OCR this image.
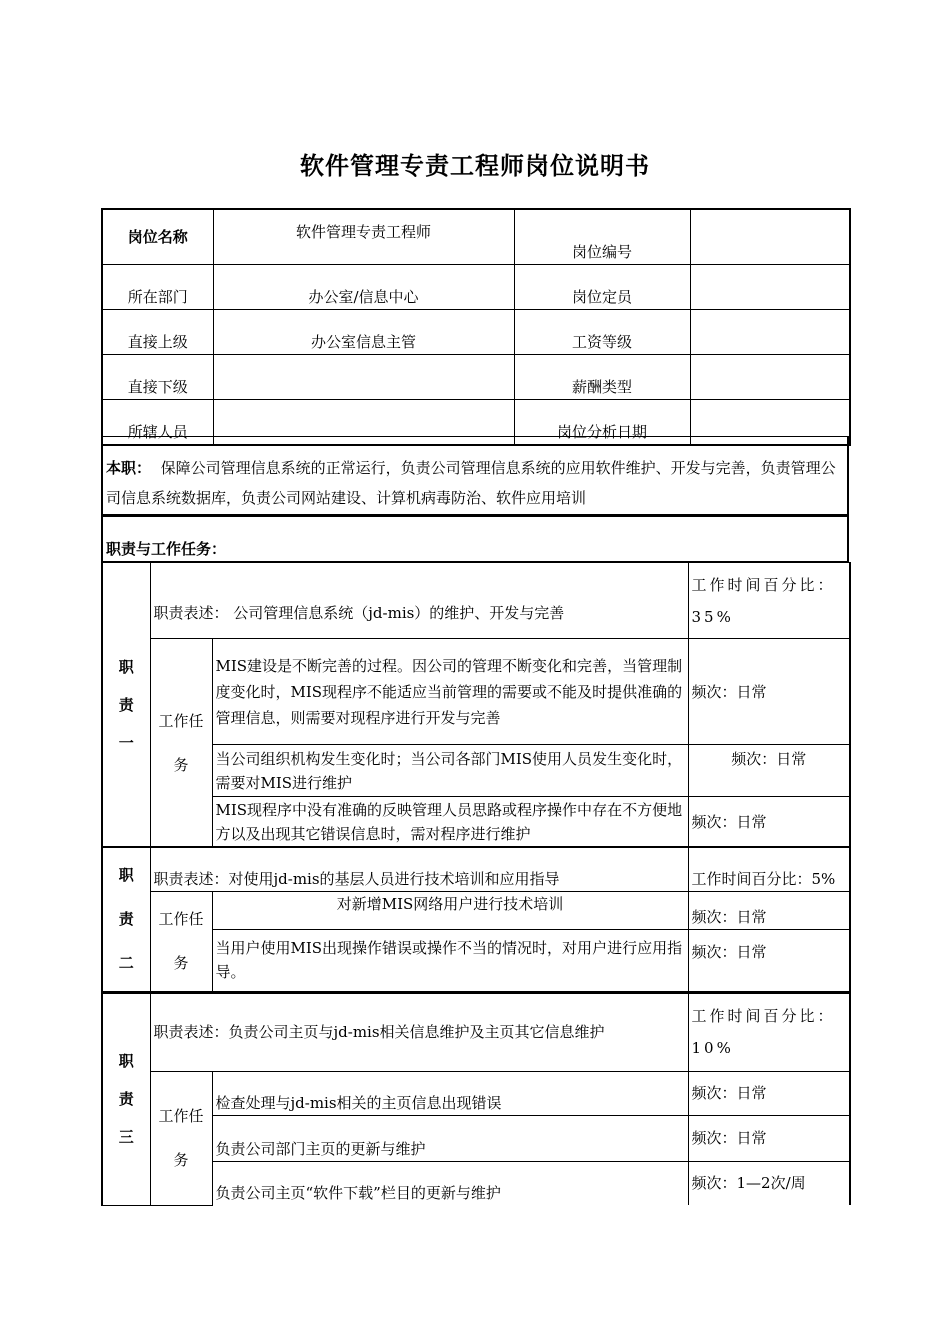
软件管理专责工程师岗位说明书
岗位名称	软件管理专责工程师	岗位编号	
所在部门	办公室/信息中心	岗位定员	
直接上级	办公室信息主管	工资等级	
直接下级		薪酬类型	
所辖人员		岗位分析日期	
本职： 保障公司管理信息系统的正常运行，负责公司管理信息系统的应用软件维护、开发与完善，负责管理公司信息系统数据库，负责公司网站建设、计算机病毒防治、软件应用培训
职责与工作任务：
职
责
一	职责表述： 公司管理信息系统（jd-mis）的维护、开发与完善		工作时间百分比：35%
	工作任务	MIS建设是不断完善的过程。因公司的管理不断变化和完善，当管理制度变化时，MIS现程序不能适应当前管理的需要或不能及时提供准确的管理信息，则需要对现程序进行开发与完善	频次：日常
		当公司组织机构发生变化时；当公司各部门MIS使用人员发生变化时，需要对MIS进行维护	频次：日常
		MIS现程序中没有准确的反映管理人员思路或程序操作中存在不方便地方以及出现其它错误信息时，需对程序进行维护	频次：日常
职
责
二	职责表述：对使用jd-mis的基层人员进行技术培训和应用指导		工作时间百分比：5%
	工作任务	对新增MIS网络用户进行技术培训	频次：日常
		当用户使用MIS出现操作错误或操作不当的情况时，对用户进行应用指导。	频次：日常
职
责
三	职责表述：负责公司主页与jd-mis相关信息维护及主页其它信息维护		工作时间百分比：10%
	工作任务	检查处理与jd-mis相关的主页信息出现错误	频次：日常
		负责公司部门主页的更新与维护	频次：日常
		负责公司主页“软件下载”栏目的更新与维护	频次：1—2次/周
